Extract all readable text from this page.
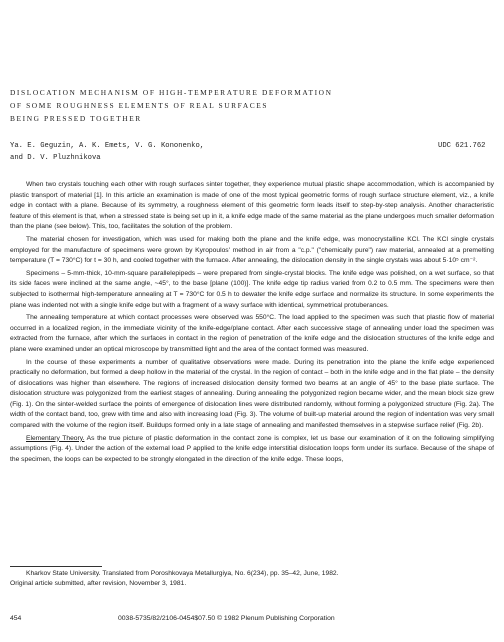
DISLOCATION MECHANISM OF HIGH-TEMPERATURE DEFORMATION
OF SOME ROUGHNESS ELEMENTS OF REAL SURFACES
BEING PRESSED TOGETHER
Ya. E. Geguzin, A. K. Emets, V. G. Kononenko,
and D. V. Pluzhnikova
UDC 621.762

When two crystals touching each other with rough surfaces sinter together, they experience mutual plastic shape accommodation, which is accompanied by plastic transport of material [1]. In this article an examination is made of one of the most typical geometric forms of rough surface structure element, viz., a knife edge in contact with a plane. Because of its symmetry, a roughness element of this geometric form leads itself to step-by-step analysis. Another characteristic feature of this element is that, when a stressed state is being set up in it, a knife edge made of the same material as the plane undergoes much smaller deformation than the plane (see below). This, too, facilitates the solution of the problem.

The material chosen for investigation, which was used for making both the plane and the knife edge, was monocrystalline KCl. The KCl single crystals employed for the manufacture of specimens were grown by Kyropoulos' method in air from a "c.p." ("chemically pure") raw material, annealed at a premelting temperature (T = 730°C) for t = 30 h, and cooled together with the furnace. After annealing, the dislocation density in the single crystals was about 5·10⁵ cm⁻².

Specimens – 5-mm-thick, 10-mm-square parallelepipeds – were prepared from single-crystal blocks. The knife edge was polished, on a wet surface, so that its side faces were inclined at the same angle, ~45°, to the base [plane (100)]. The knife edge tip radius varied from 0.2 to 0.5 mm. The specimens were then subjected to isothermal high-temperature annealing at T = 730°C for 0.5 h to dewater the knife edge surface and normalize its structure. In some experiments the plane was indented not with a single knife edge but with a fragment of a wavy surface with identical, symmetrical protuberances.

The annealing temperature at which contact processes were observed was 550°C. The load applied to the specimen was such that plastic flow of material occurred in a localized region, in the immediate vicinity of the knife-edge/plane contact. After each successive stage of annealing under load the specimen was extracted from the furnace, after which the surfaces in contact in the region of penetration of the knife edge and the dislocation structures of the knife edge and plane were examined under an optical microscope by transmitted light and the area of the contact formed was measured.

In the course of these experiments a number of qualitative observations were made. During its penetration into the plane the knife edge experienced practically no deformation, but formed a deep hollow in the material of the crystal. In the region of contact – both in the knife edge and in the flat plate – the density of dislocations was higher than elsewhere. The regions of increased dislocation density formed two beams at an angle of 45° to the base plate surface. The dislocation structure was polygonized from the earliest stages of annealing. During annealing the polygonized region became wider, and the mean block size grew (Fig. 1). On the sinter-welded surface the points of emergence of dislocation lines were distributed randomly, without forming a polygonized structure (Fig. 2a). The width of the contact band, too, grew with time and also with increasing load (Fig. 3). The volume of built-up material around the region of indentation was very small compared with the volume of the region itself. Buildups formed only in a late stage of annealing and manifested themselves in a stepwise surface relief (Fig. 2b).

Elementary Theory. As the true picture of plastic deformation in the contact zone is complex, let us base our examination of it on the following simplifying assumptions (Fig. 4). Under the action of the external load P applied to the knife edge interstitial dislocation loops form under its surface. Because of the shape of the specimen, the loops can be expected to be strongly elongated in the direction of the knife edge. These loops,

Kharkov State University. Translated from Poroshkovaya Metallurgiya, No. 6(234), pp. 35–42, June, 1982.

Original article submitted, after revision, November 3, 1981.

454	0038-5735/82/2106-0454$07.50 © 1982 Plenum Publishing Corporation
